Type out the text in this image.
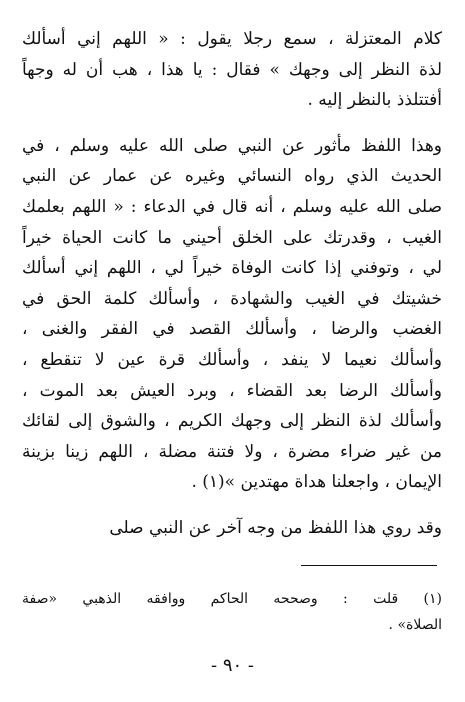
كلام المعتزلة ، سمع رجلا يقول : « اللهم إني أسألك
لذة النظر إلى وجهك » فقال : يا هذا ، هب أن له وجهاً
أفتتلذذ بالنظر إليه .
وهذا اللفظ مأثور عن النبي صلى الله عليه وسلم ، في
الحديث الذي رواه النسائي وغيره عن عمار عن النبي
صلى الله عليه وسلم ، أنه قال في الدعاء : « اللهم بعلمك
الغيب ، وقدرتك على الخلق أحيني ما كانت الحياة خيراً
لي ، وتوفني إذا كانت الوفاة خيراً لي ، اللهم إني أسألك
خشيتك في الغيب والشهادة ، وأسألك كلمة الحق في
الغضب والرضا ، وأسألك القصد في الفقر والغنى ،
وأسألك نعيما لا ينفد ، وأسألك قرة عين لا تنقطع ،
وأسألك الرضا بعد القضاء ، وبرد العيش بعد الموت ،
وأسألك لذة النظر إلى وجهك الكريم ، والشوق إلى لقائك
من غير ضراء مضرة ، ولا فتنة مضلة ، اللهم زينا بزينة
الإيمان ، واجعلنا هداة مهتدين »(١) .
وقد روي هذا اللفظ من وجه آخر عن النبي صلى
(١) قلت : وصححه الحاكم ووافقه الذهبي «صفة
الصلاة» .
- ٩٠ -
